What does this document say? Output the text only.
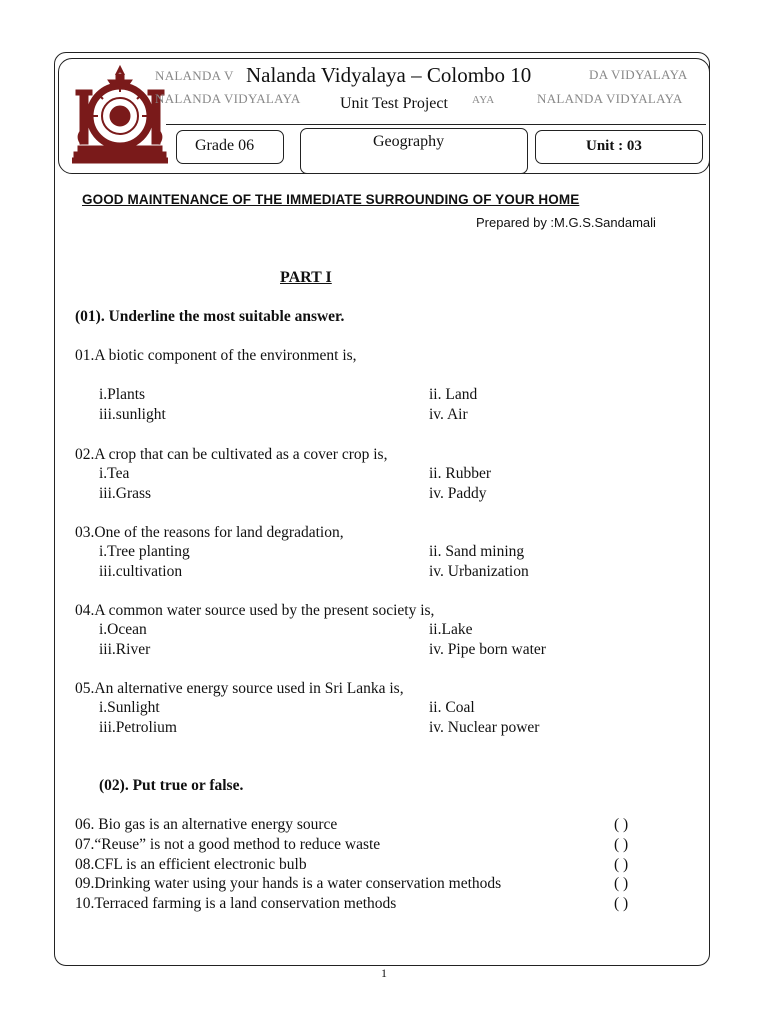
NALANDA V Nalanda Vidyalaya – Colombo 10	DA VIDYALAYA
NALANDA VIDYALAYA Unit Test Project AYA	NALANDA VIDYALAYA
Grade 06	Geography	Unit : 03
GOOD MAINTENANCE OF THE IMMEDIATE SURROUNDING OF YOUR HOME
Prepared by :M.G.S.Sandamali
PART I
(01). Underline the most suitable answer.
01.A biotic component of the environment is,
i.Plants	ii. Land
iii.sunlight	iv. Air
02.A crop that can be cultivated as a cover crop is,
i.Tea	ii. Rubber
iii.Grass	iv. Paddy
03.One of the reasons for land degradation,
i.Tree planting	ii. Sand mining
iii.cultivation	iv. Urbanization
04.A common water source used by the present society is,
i.Ocean	ii.Lake
iii.River	iv. Pipe born water
05.An alternative energy source used in Sri Lanka is,
i.Sunlight	ii. Coal
iii.Petrolium	iv. Nuclear power
(02). Put true or false.
06. Bio gas is an alternative energy source	( )
07.“Reuse” is not a good method to reduce waste	( )
08.CFL is an efficient electronic bulb	( )
09.Drinking water using your hands is a water conservation methods	( )
10.Terraced farming is a land conservation methods	( )
1
